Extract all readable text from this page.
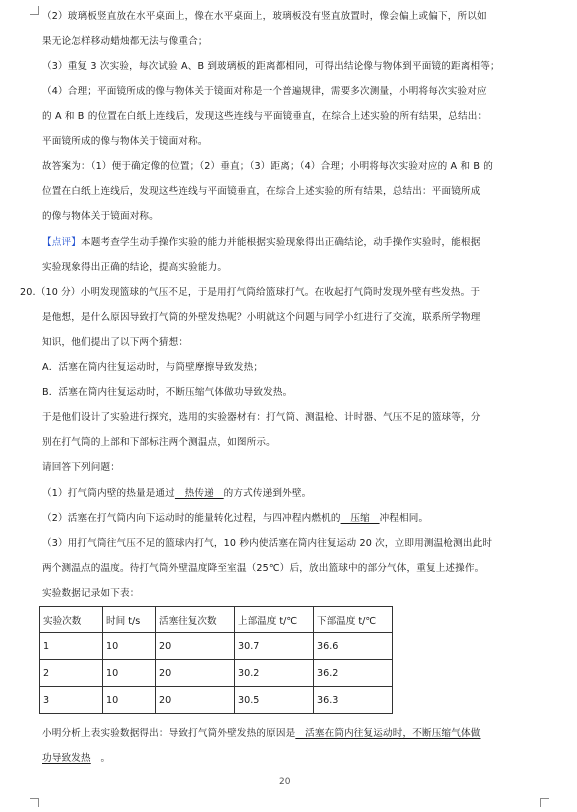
（2）玻璃板竖直放在水平桌面上，像在水平桌面上，玻璃板没有竖直放置时，像会偏上或偏下，所以如
果无论怎样移动蜡烛都无法与像重合；
（3）重复 3 次实验，每次试验 A、B 到玻璃板的距离都相同，可得出结论像与物体到平面镜的距离相等；
（4）合理；平面镜所成的像与物体关于镜面对称是一个普遍规律，需要多次测量，小明将每次实验对应
的 A 和 B 的位置在白纸上连线后，发现这些连线与平面镜垂直，在综合上述实验的所有结果，总结出：
平面镜所成的像与物体关于镜面对称。
故答案为：（1）便于确定像的位置；（2）垂直；（3）距离；（4）合理；小明将每次实验对应的 A 和 B 的
位置在白纸上连线后，发现这些连线与平面镜垂直，在综合上述实验的所有结果，总结出：平面镜所成
的像与物体关于镜面对称。
【点评】本题考查学生动手操作实验的能力并能根据实验现象得出正确结论，动手操作实验时，能根据
实验现象得出正确的结论，提高实验能力。
20.（10 分）小明发现篮球的气压不足，于是用打气筒给篮球打气。在收起打气筒时发现外壁有些发热。于
是他想，是什么原因导致打气筒的外壁发热呢？小明就这个问题与同学小红进行了交流，联系所学物理
知识，他们提出了以下两个猜想：
A．活塞在筒内往复运动时，与筒壁摩擦导致发热；
B．活塞在筒内往复运动时，不断压缩气体做功导致发热。
于是他们设计了实验进行探究，选用的实验器材有：打气筒、测温枪、计时器、气压不足的篮球等，分
别在打气筒的上部和下部标注两个测温点，如图所示。
请回答下列问题：
（1）打气筒内壁的热量是通过　热传递　的方式传递到外壁。
（2）活塞在打气筒内向下运动时的能量转化过程，与四冲程内燃机的　压缩　冲程相同。
（3）用打气筒往气压不足的篮球内打气，10 秒内使活塞在筒内往复运动 20 次，立即用测温枪测出此时
两个测温点的温度。待打气筒外壁温度降至室温（25℃）后，放出篮球中的部分气体，重复上述操作。
实验数据记录如下表：
小明分析上表实验数据得出：导致打气筒外壁发热的原因是　活塞在筒内往复运动时，不断压缩气体做
功导致发热　。
实验次数	时间 t/s	活塞往复次数	上部温度 t/℃	下部温度 t/℃
1	10	20	30.7	36.6
2	10	20	30.2	36.2
3	10	20	30.5	36.3
20
